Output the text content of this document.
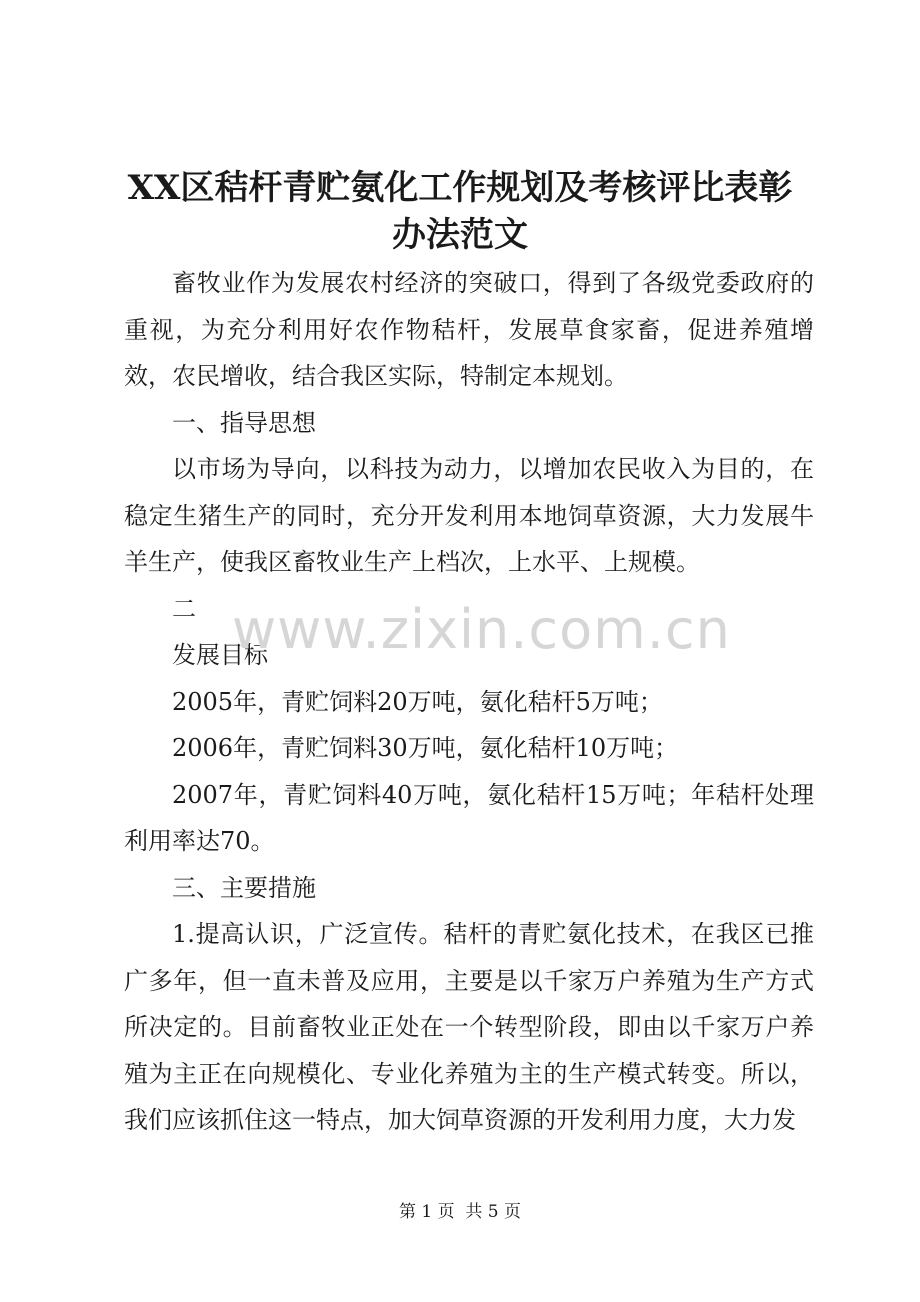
XX区秸杆青贮氨化工作规划及考核评比表彰
办法范文

畜牧业作为发展农村经济的突破口，得到了各级党委政府的重视，为充分利用好农作物秸杆，发展草食家畜，促进养殖增效，农民增收，结合我区实际，特制定本规划。

一、指导思想

以市场为导向，以科技为动力，以增加农民收入为目的，在稳定生猪生产的同时，充分开发利用本地饲草资源，大力发展牛羊生产，使我区畜牧业生产上档次，上水平、上规模。

二

发展目标

2005年，青贮饲料20万吨，氨化秸杆5万吨；

2006年，青贮饲料30万吨，氨化秸杆10万吨；

2007年，青贮饲料40万吨，氨化秸杆15万吨；年秸杆处理利用率达70。

三、主要措施

1.提高认识，广泛宣传。秸杆的青贮氨化技术，在我区已推广多年，但一直未普及应用，主要是以千家万户养殖为生产方式所决定的。目前畜牧业正处在一个转型阶段，即由以千家万户养殖为主正在向规模化、专业化养殖为主的生产模式转变。所以，我们应该抓住这一特点，加大饲草资源的开发利用力度，大力发

www.zixin.com.cn
第 1 页  共 5 页
